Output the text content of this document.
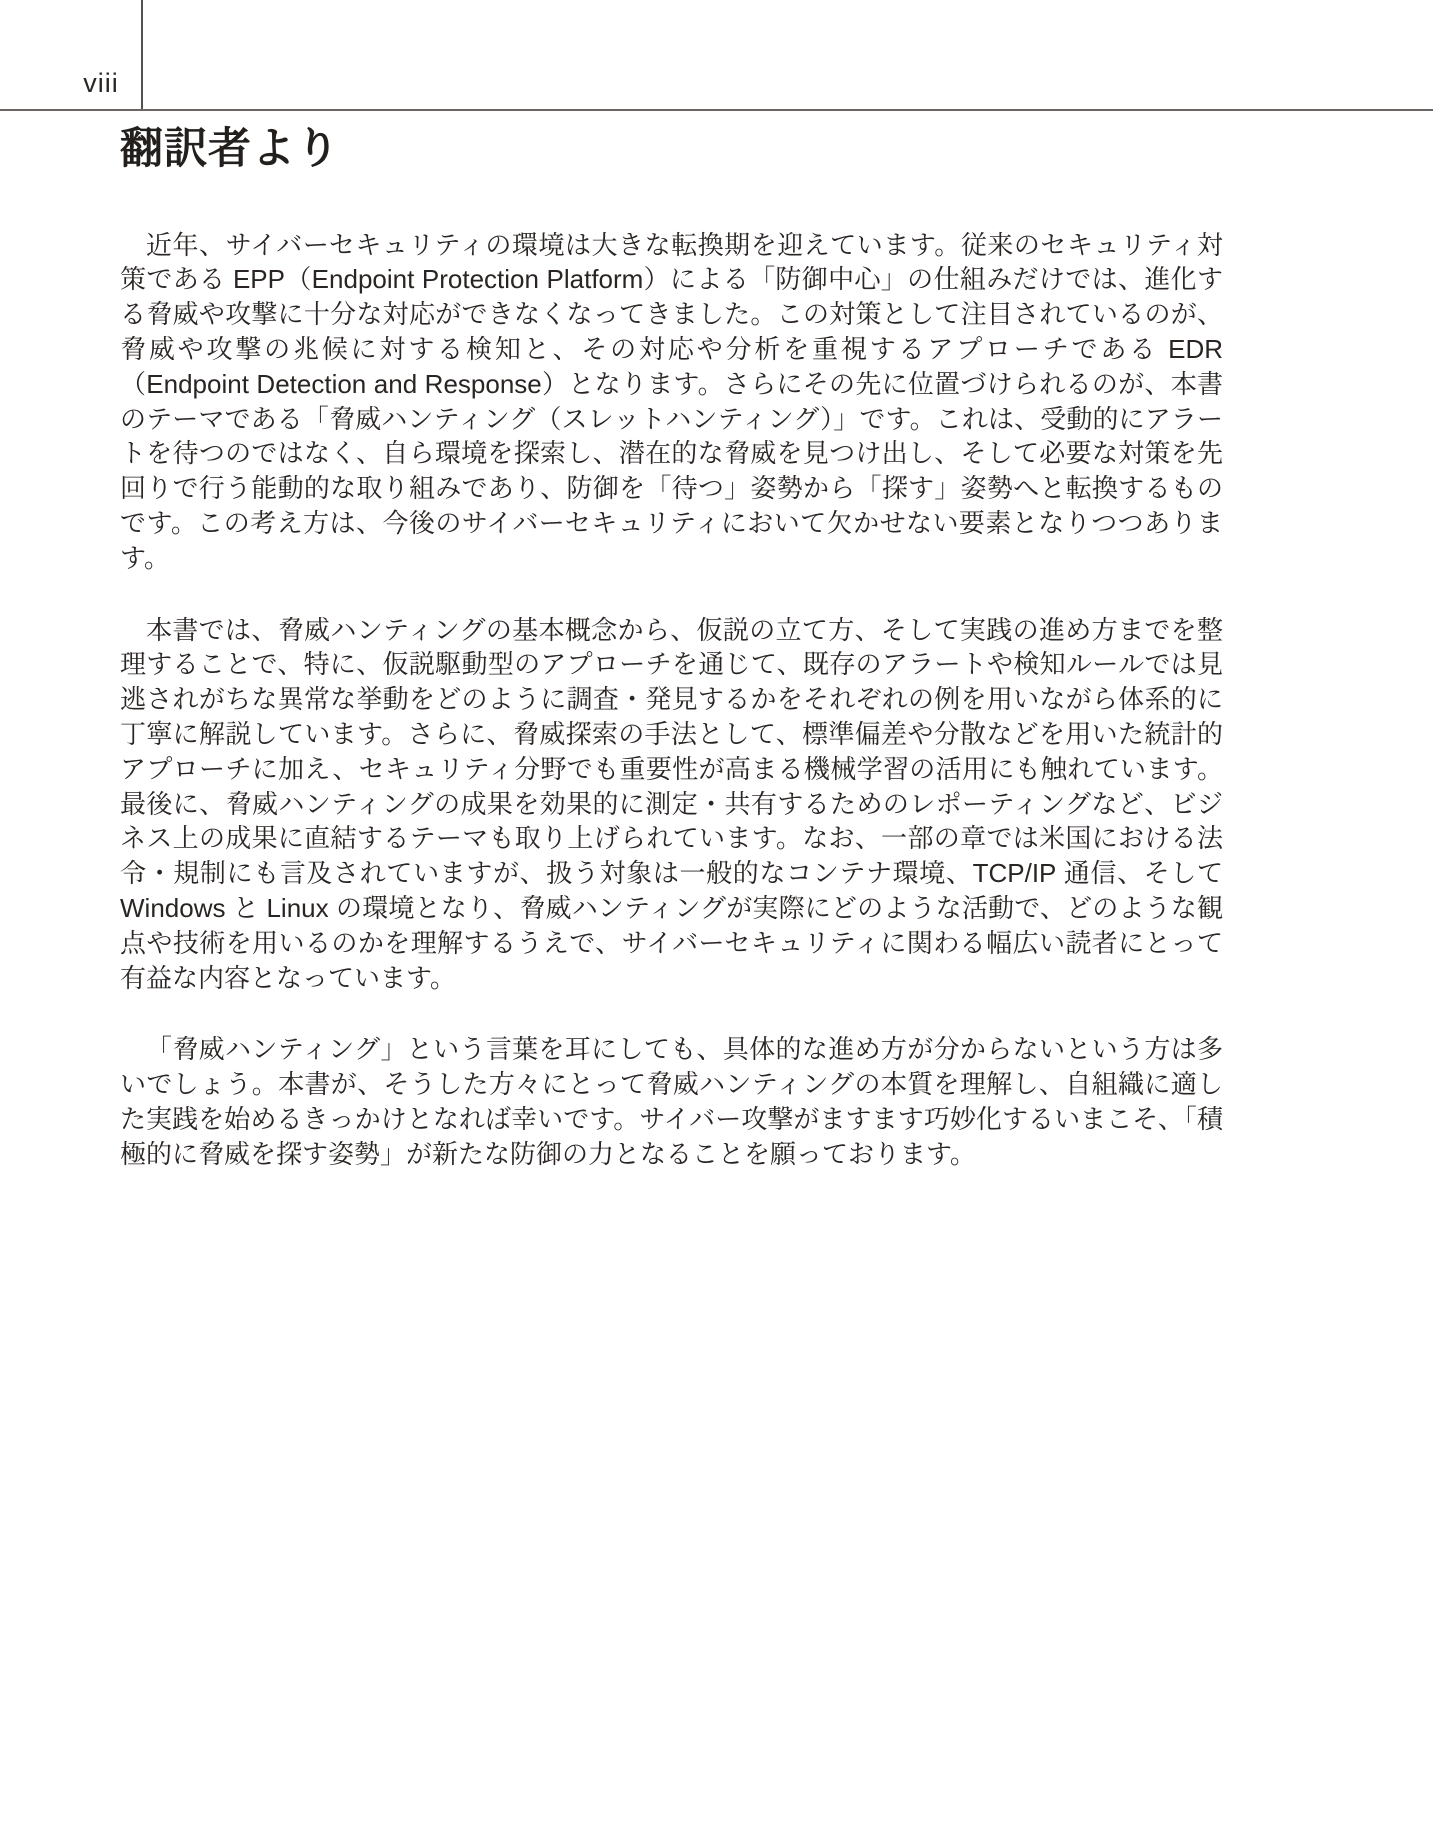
viii
翻訳者より

近年、サイバーセキュリティの環境は大きな転換期を迎えています。従来のセキュリティ対策である EPP（Endpoint Protection Platform）による「防御中心」の仕組みだけでは、進化する脅威や攻撃に十分な対応ができなくなってきました。この対策として注目されているのが、脅威や攻撃の兆候に対する検知と、その対応や分析を重視するアプローチである EDR（Endpoint Detection and Response）となります。さらにその先に位置づけられるのが、本書のテーマである「脅威ハンティング（スレットハンティング）」です。これは、受動的にアラートを待つのではなく、自ら環境を探索し、潜在的な脅威を見つけ出し、そして必要な対策を先回りで行う能動的な取り組みであり、防御を「待つ」姿勢から「探す」姿勢へと転換するものです。この考え方は、今後のサイバーセキュリティにおいて欠かせない要素となりつつあります。

本書では、脅威ハンティングの基本概念から、仮説の立て方、そして実践の進め方までを整理することで、特に、仮説駆動型のアプローチを通じて、既存のアラートや検知ルールでは見逃されがちな異常な挙動をどのように調査・発見するかをそれぞれの例を用いながら体系的に丁寧に解説しています。さらに、脅威探索の手法として、標準偏差や分散などを用いた統計的アプローチに加え、セキュリティ分野でも重要性が高まる機械学習の活用にも触れています。最後に、脅威ハンティングの成果を効果的に測定・共有するためのレポーティングなど、ビジネス上の成果に直結するテーマも取り上げられています。なお、一部の章では米国における法令・規制にも言及されていますが、扱う対象は一般的なコンテナ環境、TCP/IP 通信、そして Windows と Linux の環境となり、脅威ハンティングが実際にどのような活動で、どのような観点や技術を用いるのかを理解するうえで、サイバーセキュリティに関わる幅広い読者にとって有益な内容となっています。

「脅威ハンティング」という言葉を耳にしても、具体的な進め方が分からないという方は多いでしょう。本書が、そうした方々にとって脅威ハンティングの本質を理解し、自組織に適した実践を始めるきっかけとなれば幸いです。サイバー攻撃がますます巧妙化するいまこそ、「積極的に脅威を探す姿勢」が新たな防御の力となることを願っております。
